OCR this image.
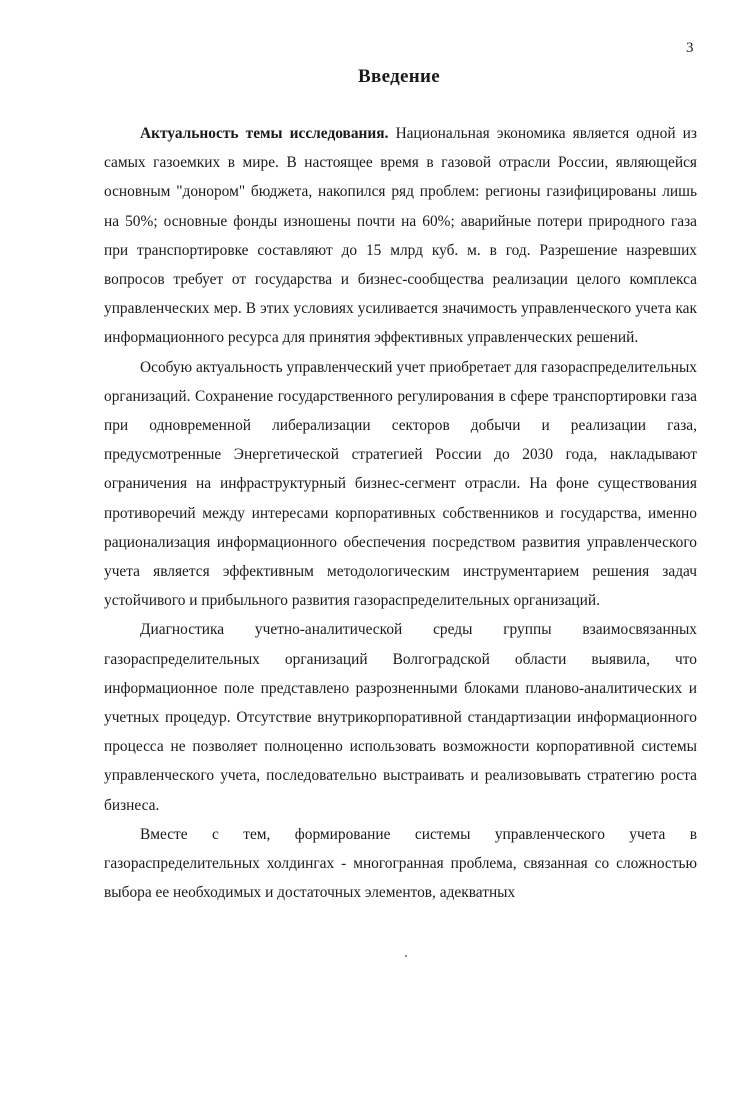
3
Введение

Актуальность темы исследования. Национальная экономика является одной из самых газоемких в мире. В настоящее время в газовой отрасли России, являющейся основным "донором" бюджета, накопился ряд проблем: регионы газифицированы лишь на 50%; основные фонды изношены почти на 60%; аварийные потери природного газа при транспортировке составляют до 15 млрд куб. м. в год. Разрешение назревших вопросов требует от государства и бизнес-сообщества реализации целого комплекса управленческих мер. В этих условиях усиливается значимость управленческого учета как информационного ресурса для принятия эффективных управленческих решений.

Особую актуальность управленческий учет приобретает для газораспределительных организаций. Сохранение государственного регулирования в сфере транспортировки газа при одновременной либерализации секторов добычи и реализации газа, предусмотренные Энергетической стратегией России до 2030 года, накладывают ограничения на инфраструктурный бизнес-сегмент отрасли. На фоне существования противоречий между интересами корпоративных собственников и государства, именно рационализация информационного обеспечения посредством развития управленческого учета является эффективным методологическим инструментарием решения задач устойчивого и прибыльного развития газораспределительных организаций.

Диагностика учетно-аналитической среды группы взаимосвязанных газораспределительных организаций Волгоградской области выявила, что информационное поле представлено разрозненными блоками планово-аналитических и учетных процедур. Отсутствие внутрикорпоративной стандартизации информационного процесса не позволяет полноценно использовать возможности корпоративной системы управленческого учета, последовательно выстраивать и реализовывать стратегию роста бизнеса.

Вместе с тем, формирование системы управленческого учета в газораспределительных холдингах - многогранная проблема, связанная со сложностью выбора ее необходимых и достаточных элементов, адекватных
